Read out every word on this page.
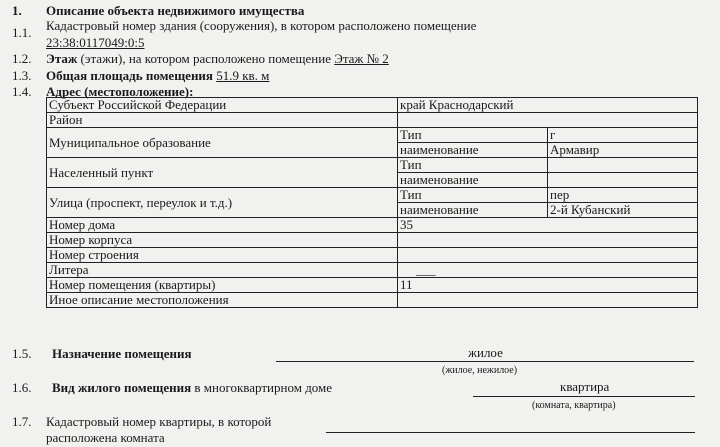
1. Описание объекта недвижимого имущества
1.1. Кадастровый номер здания (сооружения), в котором расположено помещение
23:38:0117049:0:5
1.2. Этаж (этажи), на котором расположено помещение Этаж № 2
1.3. Общая площадь помещения 51.9 кв. м
1.4. Адрес (местоположение):
Субъект Российской Федерации	край Краснодарский	
Район		
Муниципальное образование	Тип	г
	наименование	Армавир
Населенный пункт	Тип	
	наименование	
Улица (проспект, переулок и т.д.)	Тип	пер
	наименование	2-й Кубанский
Номер дома	35	
Номер корпуса		
Номер строения		
Литера	___	
Номер помещения (квартиры)	11	
Иное описание местоположения		
1.5. Назначение помещения	жилое
(жилое, нежилое)
1.6. Вид жилого помещения в многоквартирном доме	квартира
(комната, квартира)
1.7. Кадастровый номер квартиры, в которой
расположена комната
